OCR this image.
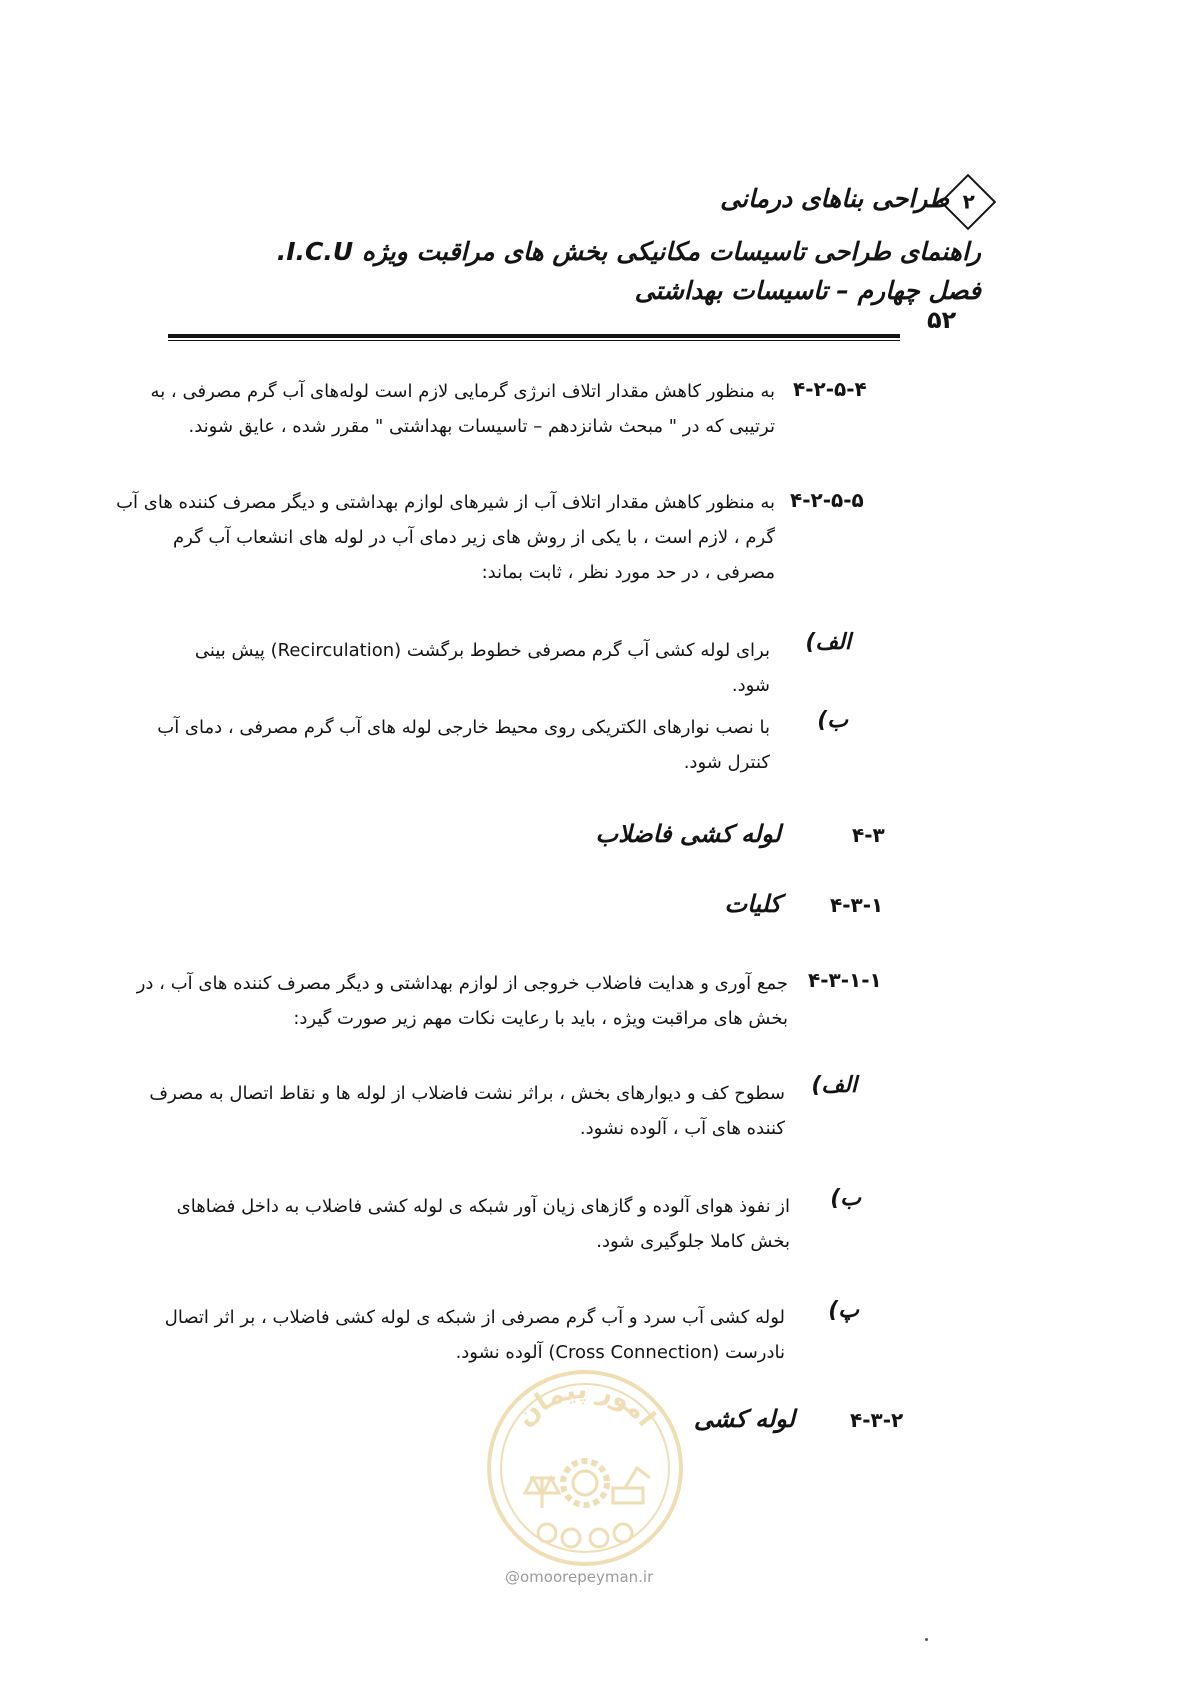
طراحی بناهای درمانی ۲
راهنمای طراحی تاسیسات مکانیکی بخش های مراقبت ویژه I.C.U.
فصل چهارم – تاسیسات بهداشتی
۵۲
۴-۲-۵-۴
به منظور کاهش مقدار اتلاف انرژی گرمایی لازم است لوله‌های آب گرم مصرفی ، به ترتیبی که در " مبحث شانزدهم – تاسیسات بهداشتی " مقرر شده ، عایق شوند.
۴-۲-۵-۵
به منظور کاهش مقدار اتلاف آب از شیرهای لوازم بهداشتی و دیگر مصرف کننده های آب گرم ، لازم است ، با یکی از روش های زیر دمای آب در لوله های انشعاب آب گرم مصرفی ، در حد مورد نظر ، ثابت بماند:
الف)
برای لوله کشی آب گرم مصرفی خطوط برگشت (Recirculation) پیش بینی شود.
ب)
با نصب نوارهای الکتریکی روی محیط خارجی لوله های آب گرم مصرفی ، دمای آب کنترل شود.
۴-۳
لوله کشی فاضلاب
۴-۳-۱
کلیات
۴-۳-۱-۱
جمع آوری و هدایت فاضلاب خروجی از لوازم بهداشتی و دیگر مصرف کننده های آب ، در بخش های مراقبت ویژه ، باید با رعایت نکات مهم زیر صورت گیرد:
الف)
سطوح کف و دیوارهای بخش ، براثر نشت فاضلاب از لوله ها و نقاط اتصال به مصرف کننده های آب ، آلوده نشود.
ب)
از نفوذ هوای آلوده و گازهای زیان آور شبکه ی لوله کشی فاضلاب به داخل فضاهای بخش کاملا جلوگیری شود.
پ)
لوله کشی آب سرد و آب گرم مصرفی از شبکه ی لوله کشی فاضلاب ، بر اثر اتصال نادرست (Cross Connection) آلوده نشود.
۴-۳-۲
لوله کشی
امور پیمان
@omoorepeyman.ir
